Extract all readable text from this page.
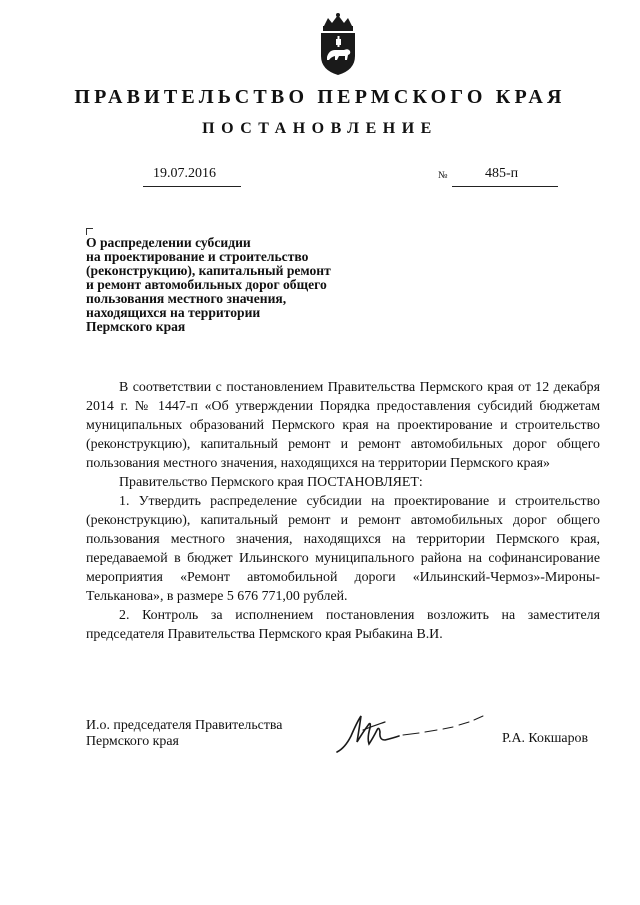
ПРАВИТЕЛЬСТВО ПЕРМСКОГО КРАЯ
ПОСТАНОВЛЕНИЕ
19.07.2016	№	485-п
О распределении субсидии
на проектирование и строительство
(реконструкцию), капитальный ремонт
и ремонт автомобильных дорог общего
пользования местного значения,
находящихся на территории
Пермского края

В соответствии с постановлением Правительства Пермского края от 12 декабря 2014 г. № 1447-п «Об утверждении Порядка предоставления субсидий бюджетам муниципальных образований Пермского края на проектирование и строительство (реконструкцию), капитальный ремонт и ремонт автомобильных дорог общего пользования местного значения, находящихся на территории Пермского края»

Правительство Пермского края ПОСТАНОВЛЯЕТ:

1. Утвердить распределение субсидии на проектирование и строительство (реконструкцию), капитальный ремонт и ремонт автомобильных дорог общего пользования местного значения, находящихся на территории Пермского края, передаваемой в бюджет Ильинского муниципального района на софинансирование мероприятия «Ремонт автомобильной дороги «Ильинский-Чермоз»-Мироны-Тельканова», в размере 5 676 771,00 рублей.

2. Контроль за исполнением постановления возложить на заместителя председателя Правительства Пермского края Рыбакина В.И.

И.о. председателя Правительства
Пермского края	Р.А. Кокшаров
